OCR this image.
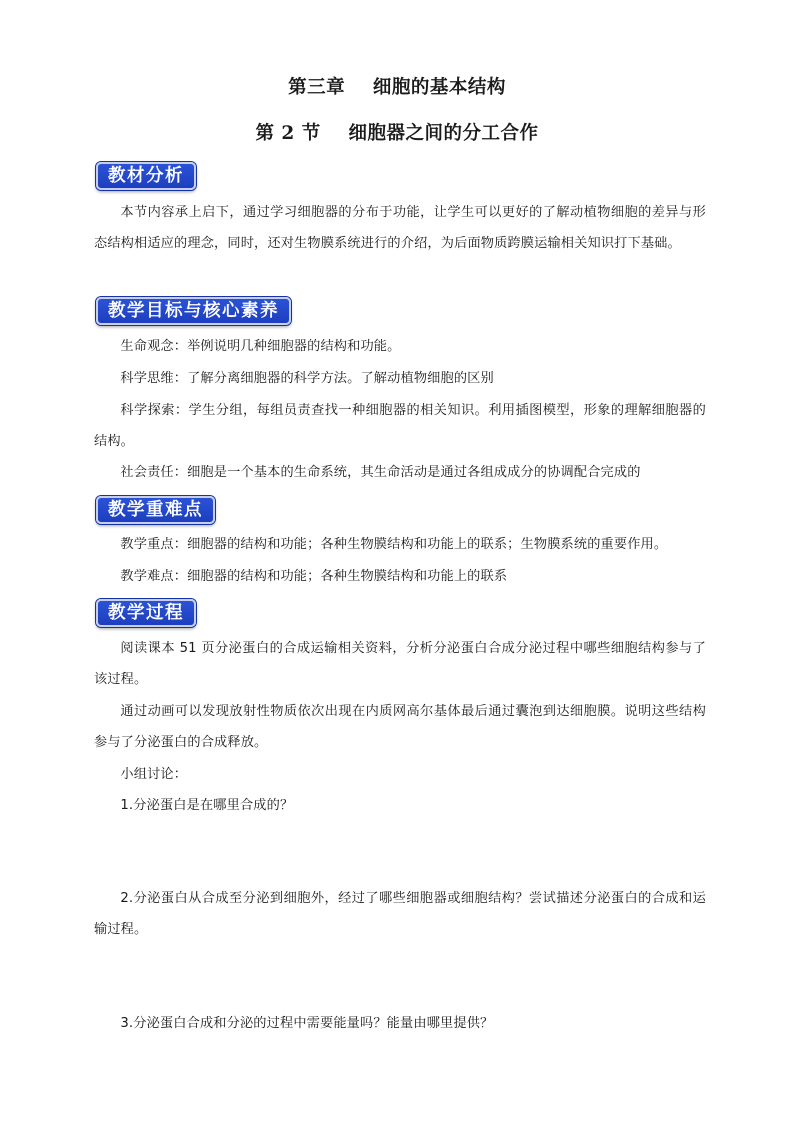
第三章    细胞的基本结构
第 2 节    细胞器之间的分工合作
教材分析

本节内容承上启下，通过学习细胞器的分布于功能，让学生可以更好的了解动植物细胞的差异与形态结构相适应的理念，同时，还对生物膜系统进行的介绍，为后面物质跨膜运输相关知识打下基础。

教学目标与核心素养

生命观念：举例说明几种细胞器的结构和功能。

科学思维：了解分离细胞器的科学方法。了解动植物细胞的区别

科学探索：学生分组，每组员责查找一种细胞器的相关知识。利用插图模型，形象的理解细胞器的结构。

社会责任：细胞是一个基本的生命系统，其生命活动是通过各组成成分的协调配合完成的

教学重难点

教学重点：细胞器的结构和功能；各种生物膜结构和功能上的联系；生物膜系统的重要作用。

教学难点：细胞器的结构和功能；各种生物膜结构和功能上的联系

教学过程

阅读课本 51 页分泌蛋白的合成运输相关资料，分析分泌蛋白合成分泌过程中哪些细胞结构参与了该过程。

通过动画可以发现放射性物质依次出现在内质网高尔基体最后通过囊泡到达细胞膜。说明这些结构参与了分泌蛋白的合成释放。

小组讨论：

1.分泌蛋白是在哪里合成的？

2.分泌蛋白从合成至分泌到细胞外，经过了哪些细胞器或细胞结构？尝试描述分泌蛋白的合成和运输过程。

3.分泌蛋白合成和分泌的过程中需要能量吗？能量由哪里提供？
